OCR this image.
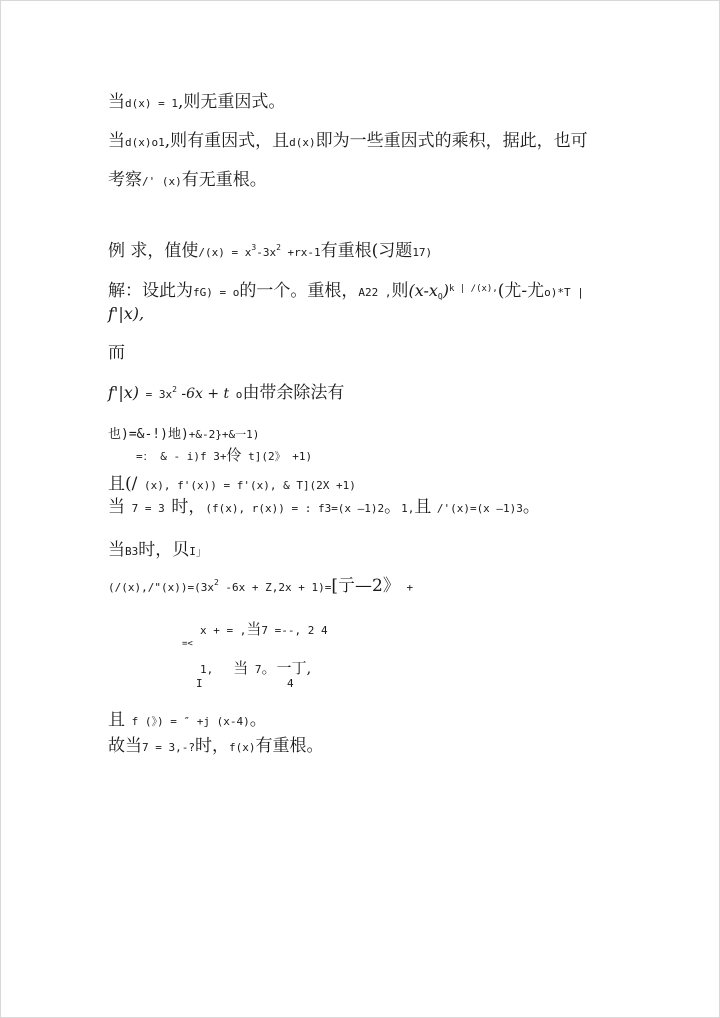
当d(x) = 1,则无重因式。
当d(x)o1,则有重因式，且d(x)即为一些重因式的乘积，据此，也可
考察/' (x)有无重根。
例 求，值使$/(x) = x^3-3x^2 +rx-1$有重根(习题17)
解：设此为fG) = o的一个。重根，A22 ,则$(x-x_Q)^{k | /(x),}$(尤-尤o)*T |
f'|x),
而
$f'|x) = 3x^2$ -6x + t o由带余除法有
也)=&-!)地)+&-2}+&一1)
=： & - i)f 3+伶 t](2》 +1)
且(/ (x), f'(x)) = f'(x), & T](2X +1)
当 7 = 3 时，(f(x), r(x)) = : f3=(x —1)2。1,且 /'(x)=(x —1)3。
当B3时，贝I」
$(/(x),/"(x))=(3x^2$ -6x + Z,2x + 1)=[亍—2》 +
x + = ,当7 =--, 2 4
=<
1, 当 7。一丁,
I	4
且 f (》) = ″ +j (x-4)。
故当7 = 3,-?时，f(x)有重根。
